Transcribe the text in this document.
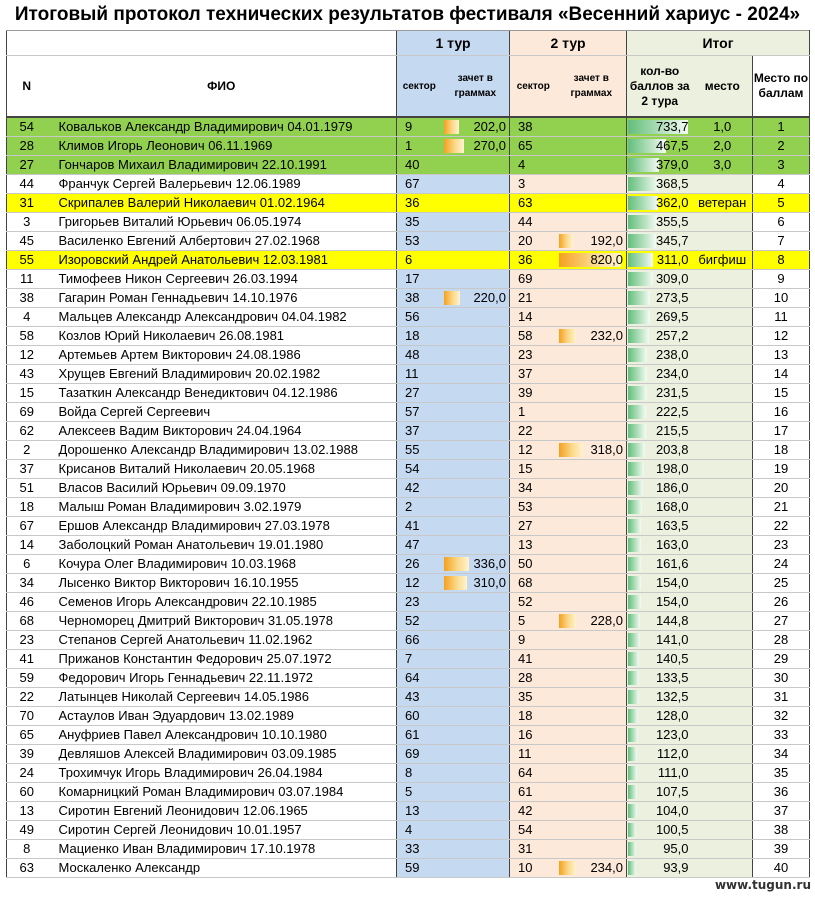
Итоговый протокол технических результатов фестиваля «Весенний хариус - 2024»
		1 тур		2 тур		Итог		
N	ФИО	сектор	зачет в граммах	сектор	зачет в граммах	кол-во баллов за 2 тура	место	Место по баллам
54	Ковальков Александр Владимирович 04.01.1979	9	202,0	38		733,7	1,0	1
28	Климов Игорь Леонович 06.11.1969	1	270,0	65		467,5	2,0	2
27	Гончаров Михаил Владимирович 22.10.1991	40		4		379,0	3,0	3
44	Франчук Сергей Валерьевич 12.06.1989	67		3		368,5		4
31	Скрипалев Валерий Николаевич 01.02.1964	36		63		362,0	ветеран	5
3	Григорьев Виталий Юрьевич 06.05.1974	35		44		355,5		6
45	Василенко Евгений Албертович 27.02.1968	53		20	192,0	345,7		7
55	Изоровский Андрей Анатольевич 12.03.1981	6		36	820,0	311,0	бигфиш	8
11	Тимофеев Никон Сергеевич 26.03.1994	17		69		309,0		9
38	Гагарин Роман Геннадьевич 14.10.1976	38	220,0	21		273,5		10
4	Мальцев Александр Александрович 04.04.1982	56		14		269,5		11
58	Козлов Юрий Николаевич 26.08.1981	18		58	232,0	257,2		12
12	Артемьев Артем Викторович 24.08.1986	48		23		238,0		13
43	Хрущев Евгений Владимирович 20.02.1982	11		37		234,0		14
15	Тазаткин Александр Венедиктович 04.12.1986	27		39		231,5		15
69	Войда Сергей Сергеевич	57		1		222,5		16
62	Алексеев Вадим Викторович 24.04.1964	37		22		215,5		17
2	Дорошенко Александр Владимирович 13.02.1988	55		12	318,0	203,8		18
37	Крисанов Виталий Николаевич 20.05.1968	54		15		198,0		19
51	Власов Василий Юрьевич 09.09.1970	42		34		186,0		20
18	Малыш Роман Владимирович 3.02.1979	2		53		168,0		21
67	Ершов Александр Владимирович 27.03.1978	41		27		163,5		22
14	Заболоцкий Роман Анатольевич 19.01.1980	47		13		163,0		23
6	Кочура Олег Владимирович 10.03.1968	26	336,0	50		161,6		24
34	Лысенко Виктор Викторович 16.10.1955	12	310,0	68		154,0		25
46	Семенов Игорь Александрович 22.10.1985	23		52		154,0		26
68	Черноморец Дмитрий Викторович 31.05.1978	52		5	228,0	144,8		27
23	Степанов Сергей Анатольевич 11.02.1962	66		9		141,0		28
41	Прижанов Константин Федорович 25.07.1972	7		41		140,5		29
59	Федорович Игорь Геннадьевич 22.11.1972	64		28		133,5		30
22	Латынцев Николай Сергеевич 14.05.1986	43		35		132,5		31
70	Астаулов Иван Эдуардович 13.02.1989	60		18		128,0		32
65	Ануфриев Павел Александрович 10.10.1980	61		16		123,0		33
39	Девляшов Алексей Владимирович 03.09.1985	69		11		112,0		34
24	Трохимчук Игорь Владимирович 26.04.1984	8		64		111,0		35
60	Комарницкий Роман Владимирович 03.07.1984	5		61		107,5		36
13	Сиротин Евгений Леонидович 12.06.1965	13		42		104,0		37
49	Сиротин Сергей Леонидович 10.01.1957	4		54		100,5		38
8	Мациенко Иван Владимирович 17.10.1978	33		31		95,0		39
63	Москаленко Александр	59		10	234,0	93,9		40
www.tugun.ru
